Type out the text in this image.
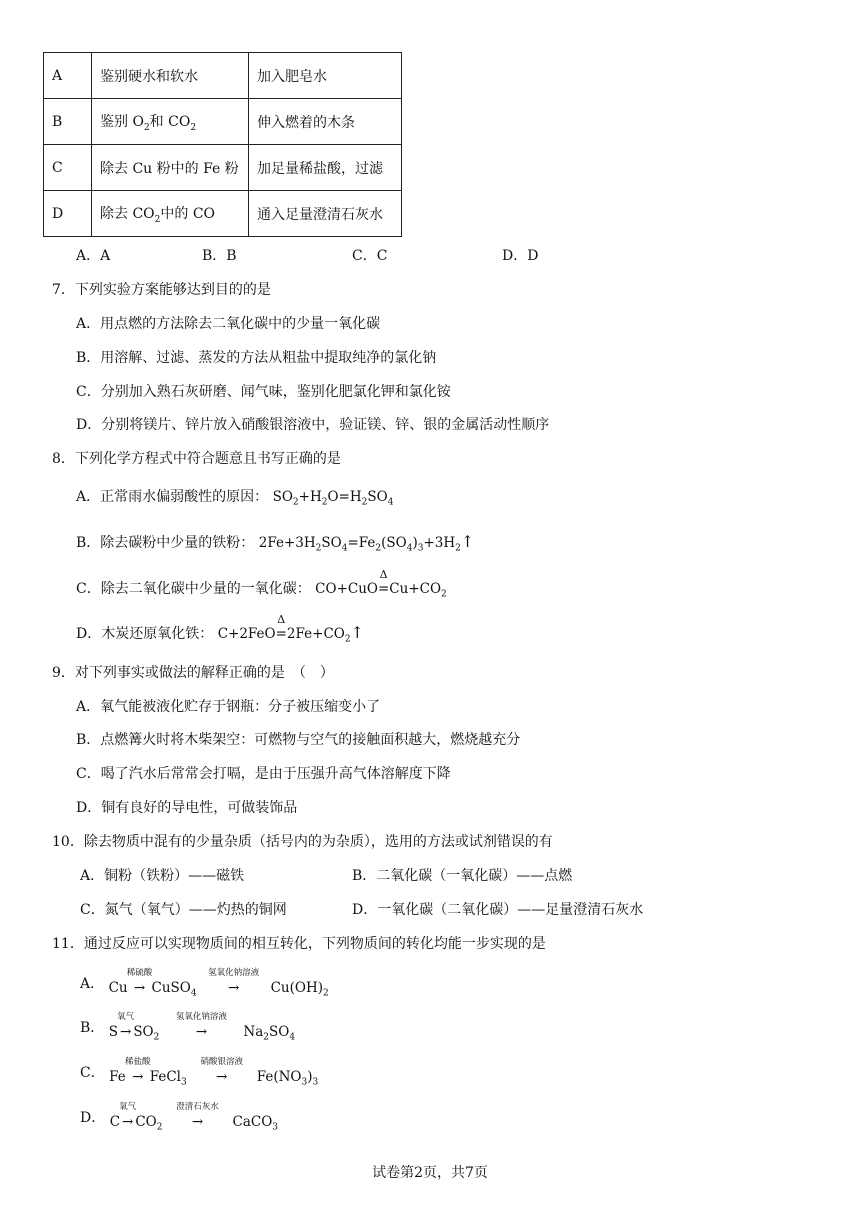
A	鉴别硬水和软水	加入肥皂水
B	鉴别 $O_2$和 $CO_2$	伸入燃着的木条
C	除去 Cu 粉中的 Fe 粉	加足量稀盐酸，过滤
D	除去 $CO_2$中的 CO	通入足量澄清石灰水
A．A	B．B	C．C	D．D
7．下列实验方案能够达到目的的是
A．用点燃的方法除去二氧化碳中的少量一氧化碳
B．用溶解、过滤、蒸发的方法从粗盐中提取纯净的氯化钠
C．分别加入熟石灰研磨、闻气味，鉴别化肥氯化钾和氯化铵
D．分别将镁片、锌片放入硝酸银溶液中，验证镁、锌、银的金属活动性顺序
8．下列化学方程式中符合题意且书写正确的是
A．正常雨水偏弱酸性的原因： $SO_2+H_2O=H_2SO_4$
B．除去碳粉中少量的铁粉： $2Fe+3H_2SO_4=Fe_2(SO_4)_3+3H_2↑$
C．除去二氧化碳中少量的一氧化碳： CO+CuO
Δ
$=Cu+CO_2$
D．木炭还原氧化铁： C+2FeO
Δ
$=2Fe+CO_2↑$
9．对下列事实或做法的解释正确的是　（　）
A．氧气能被液化贮存于钢瓶：分子被压缩变小了
B．点燃篝火时将木柴架空：可燃物与空气的接触面积越大，燃烧越充分
C．喝了汽水后常常会打嗝，是由于压强升高气体溶解度下降
D．铜有良好的导电性，可做装饰品
10．除去物质中混有的少量杂质（括号内的为杂质），选用的方法或试剂错误的有
A．铜粉（铁粉）——磁铁	B．二氧化碳（一氧化碳）——点燃
C．氮气（氧气）——灼热的铜网	D．一氧化碳（二氧化碳）——足量澄清石灰水
11．通过反应可以实现物质间的相互转化，下列物质间的转化均能一步实现的是
A． Cu
稀硫酸
→ CuSO$_4$
氢氧化钠溶液
→ $Cu(OH)_2$
B． S
氧气
→ $SO_2$
氢氧化钠溶液
→	$Na_2SO_4$
C． Fe
稀盐酸
→ FeCl$_3$
硝酸银溶液
→ $Fe(NO_3)_3$
D． C
氧气
→ $CO_2$
澄清石灰水
→ CaCO$_3$
试卷第2页，共7页
